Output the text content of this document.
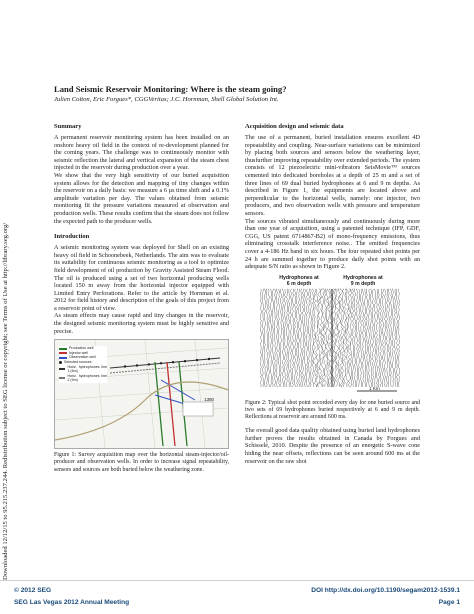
Downloaded 12/12/15 to 95.215.237.244. Redistribution subject to SEG license or copyright; see Terms of Use at http://library.seg.org/
Land Seismic Reservoir Monitoring: Where is the steam going?
Julien Cotton, Eric Forgues*, CGGVeritas; J.C. Hornman, Shell Global Solution Int.
Summary

A permanent reservoir monitoring system has been installed on an onshore heavy oil field in the context of re-development planned for the coming years. The challenge was to continuously monitor with seismic reflection the lateral and vertical expansion of the steam chest injected in the reservoir during production over a year.

We show that the very high sensitivity of our buried acquisition system allows for the detection and mapping of tiny changes within the reservoir on a daily basis: we measure a 6 µs time shift and a 0.1% amplitude variation per day. The values obtained from seismic monitoring fit the pressure variations measured at observation and production wells. These results confirm that the steam does not follow the expected path to the producer wells.

Introduction

A seismic monitoring system was deployed for Shell on an existing heavy oil field in Schoonebeek, Netherlands. The aim was to evaluate its suitability for continuous seismic monitoring as a tool to optimize field development of oil production by Gravity Assisted Steam Flood. The oil is produced using a set of two horizontal producing wells located 150 m away from the horizontal injector equipped with Limited Entry Perforations. Refer to the article by Hornman et al. 2012 for field history and description of the goals of this project from a reservoir point of view.

As steam effects may cause rapid and tiny changes in the reservoir, the designed seismic monitoring system must be highly sensitive and precise.

Production well
Injector well
Observation well
Selected sources
Horiz. hydrophones line 1 (6m)
Horiz. hydrophones line 2 (9m)
1380
Figure 1: Survey acquisition map over the horizontal steam-injector/oil-producer and observation wells. In order to increase signal repeatability, sensors and sources are both buried below the weathering zone.
Acquisition design and seismic data

The use of a permanent, buried installation ensures excellent 4D repeatability and coupling. Near-surface variations can be minimized by placing both sources and sensors below the weathering layer, thusfurther improving repeatability over extended periods. The system consists of 12 piezoelectric mini-vibrators SeisMovie™ sources cemented into dedicated boreholes at a depth of 25 m and a set of three lines of 69 dual buried hydrophones at 6 and 9 m depths. As described in Figure 1, the equipments are located above and perpendicular to the horizontal wells, namely: one injector, two producers, and two observation wells with pressure and temperature sensors.

The sources vibrated simultaneously and continuously during more than one year of acquisition, using a patented technique (IFP, GDF, CGG, US patent 6714867-B2) of mono-frequency emissions, thus eliminating crosstalk interference noise.. The emitted frequencies cover a 4-186 Hz band in six hours. The four repeated shot points per 24 h are summed together to produce daily shot points with an adequate S/N ratio as shown in Figure 2.

Hydrophones at 6 m depth
Hydrophones at 9 m depth
1 Km
Figure 2: Typical shot point recorded every day for one buried source and two sets of 69 hydrophones buried respectively at 6 and 9 m depth. Reflections at reservoir are around 600 ms.

The overall good data quality obtained using buried land hydrophones further proves the results obtained in Canada by Forgues and Schisselé, 2010. Despite the presence of an energetic S-wave cone hiding the near offsets, reflections can be seen around 600 ms at the reservoir on the raw shot

© 2012 SEG
SEG Las Vegas 2012 Annual Meeting
DOI http://dx.doi.org/10.1190/segam2012-1539.1
Page 1
